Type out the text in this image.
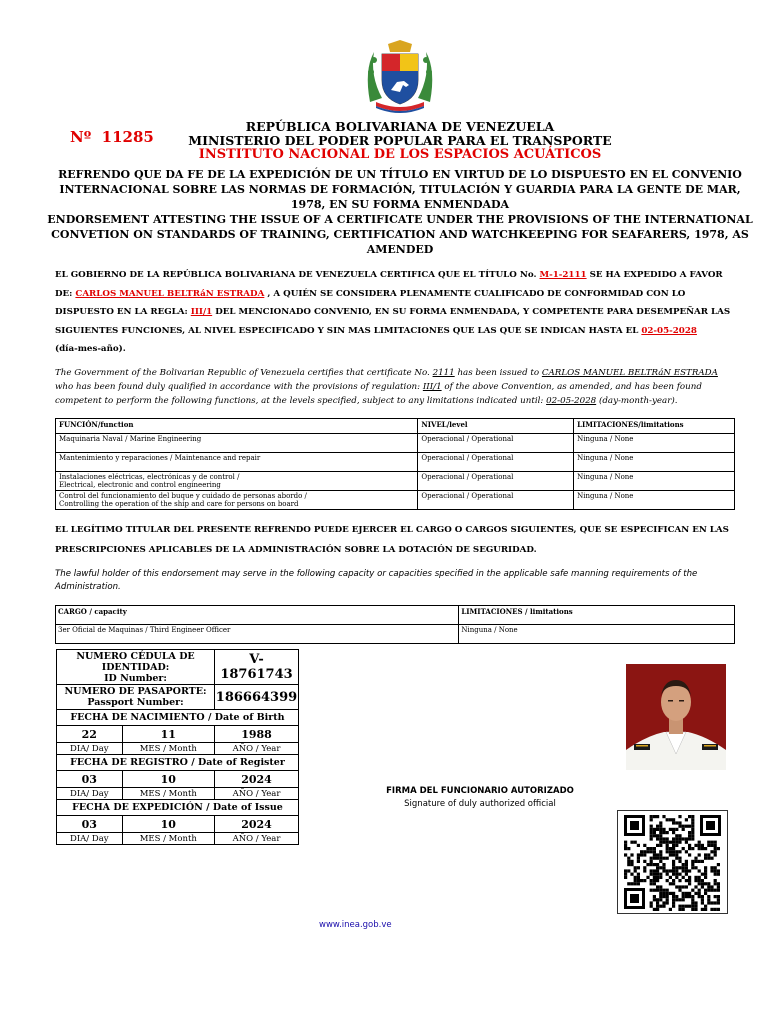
Nº 11285
REPÚBLICA BOLIVARIANA DE VENEZUELA
MINISTERIO DEL PODER POPULAR PARA EL TRANSPORTE
INSTITUTO NACIONAL DE LOS ESPACIOS ACUÁTICOS
REFRENDO QUE DA FE DE LA EXPEDICIÓN DE UN TÍTULO EN VIRTUD DE LO DISPUESTO EN EL CONVENIO
INTERNACIONAL SOBRE LAS NORMAS DE FORMACIÓN, TITULACIÓN Y GUARDIA PARA LA GENTE DE MAR,
1978, EN SU FORMA ENMENDADA
ENDORSEMENT ATTESTING THE ISSUE OF A CERTIFICATE UNDER THE PROVISIONS OF THE INTERNATIONAL
CONVETION ON STANDARDS OF TRAINING, CERTIFICATION AND WATCHKEEPING FOR SEAFARERS, 1978, AS
AMENDED
EL GOBIERNO DE LA REPÚBLICA BOLIVARIANA DE VENEZUELA CERTIFICA QUE EL TÍTULO No. M-1-2111 SE HA EXPEDIDO A FAVOR
DE: CARLOS MANUEL BELTRáN ESTRADA , A QUIÉN SE CONSIDERA PLENAMENTE CUALIFICADO DE CONFORMIDAD CON LO
DISPUESTO EN LA REGLA: III/1 DEL MENCIONADO CONVENIO, EN SU FORMA ENMENDADA, Y COMPETENTE PARA DESEMPEÑAR LAS
SIGUIENTES FUNCIONES, AL NIVEL ESPECIFICADO Y SIN MAS LIMITACIONES QUE LAS QUE SE INDICAN HASTA EL 02-05-2028
(día-mes-año).
The Government of the Bolivarian Republic of Venezuela certifies that certificate No. 2111 has been issued to CARLOS MANUEL BELTRáN ESTRADA
who has been found duly qualified in accordance with the provisions of regulation: III/1 of the above Convention, as amended, and has been found
competent to perform the following functions, at the levels specified, subject to any limitations indicated until: 02-05-2028 (day-month-year).
FUNCIÓN/function	NIVEL/level	LIMITACIONES/limitations

Maquinaria Naval / Marine Engineering	Operacional / Operational	Ninguna / None

Mantenimiento y reparaciones / Maintenance and repair	Operacional / Operational	Ninguna / None

Instalaciones eléctricas, electrónicas y de control /
Electrical, electronic and control engineering	Operacional / Operational	Ninguna / None

Control del funcionamiento del buque y cuidado de personas abordo /
Controlling the operation of the ship and care for persons on board	Operacional / Operational	Ninguna / None
EL LEGÍTIMO TITULAR DEL PRESENTE REFRENDO PUEDE EJERCER EL CARGO O CARGOS SIGUIENTES, QUE SE ESPECIFICAN EN LAS
PRESCRIPCIONES APLICABLES DE LA ADMINISTRACIÓN SOBRE LA DOTACIÓN DE SEGURIDAD.
The lawful holder of this endorsement may serve in the following capacity or capacities specified in the applicable safe manning requirements of the
Administration.
CARGO / capacity	LIMITACIONES / limitations
3er Oficial de Maquinas / Third Engineer Officer	Ninguna / None
NUMERO CÉDULA DE
IDENTIDAD:
ID Number:		V-18761743

NUMERO DE PASAPORTE:
Passport Number:		186664399
FECHA DE NACIMIENTO / Date of Birth		
22	11	1988
DIA/ Day	MES / Month	AÑO / Year
FECHA DE REGISTRO / Date of Register		
03	10	2024
DIA/ Day	MES / Month	AÑO / Year
FECHA DE EXPEDICIÓN / Date of Issue		
03	10	2024
DIA/ Day	MES / Month	AÑO / Year
FIRMA DEL FUNCIONARIO AUTORIZADO
Signature of duly authorized official
www.inea.gob.ve
